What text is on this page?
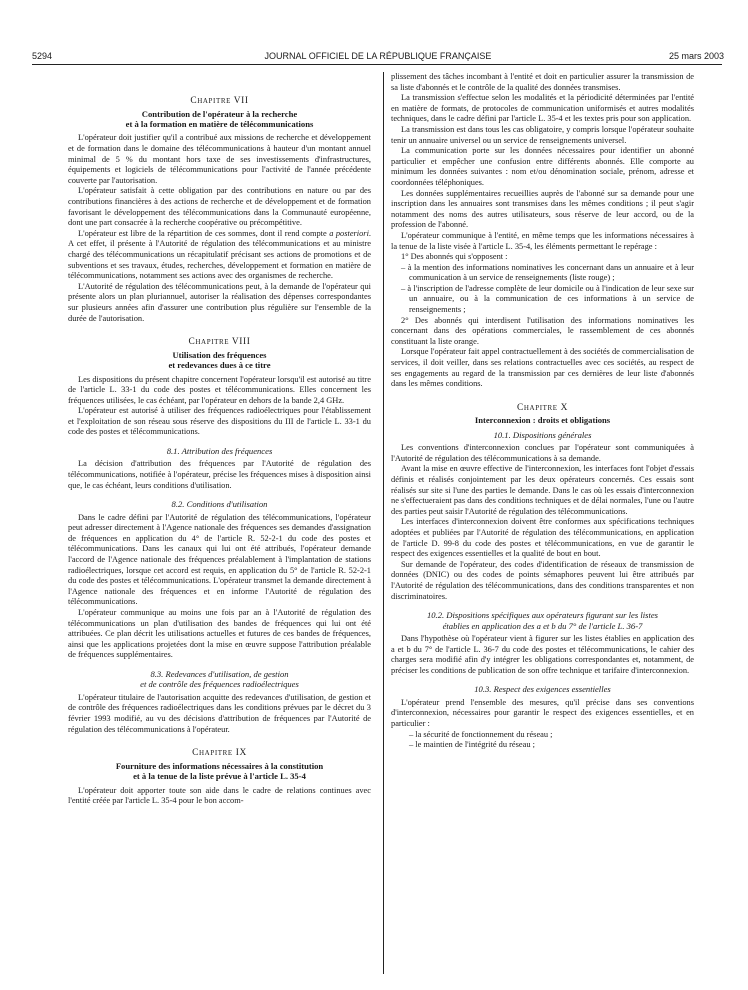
5294	JOURNAL OFFICIEL DE LA RÉPUBLIQUE FRANÇAISE	25 mars 2003
Chapitre VII
Contribution de l'opérateur à la recherche
et à la formation en matière de télécommunications

L'opérateur doit justifier qu'il a contribué aux missions de recherche et développement et de formation dans le domaine des télécommunications à hauteur d'un montant annuel minimal de 5 % du montant hors taxe de ses investissements d'infrastructures, équipements et logiciels de télécommunications pour l'activité de l'année précédente couverte par l'autorisation.

L'opérateur satisfait à cette obligation par des contributions en nature ou par des contributions financières à des actions de recherche et de développement et de formation favorisant le développement des télécommunications dans la Communauté européenne, dont une part consacrée à la recherche coopérative ou précompétitive.

L'opérateur est libre de la répartition de ces sommes, dont il rend compte a posteriori. A cet effet, il présente à l'Autorité de régulation des télécommunications et au ministre chargé des télécommunications un récapitulatif précisant ses actions de promotions et de subventions et ses travaux, études, recherches, développement et formation en matière de télécommunications, notamment ses actions avec des organismes de recherche.

L'Autorité de régulation des télécommunications peut, à la demande de l'opérateur qui présente alors un plan pluriannuel, autoriser la réalisation des dépenses correspondantes sur plusieurs années afin d'assurer une contribution plus régulière sur l'ensemble de la durée de l'autorisation.

Chapitre VIII
Utilisation des fréquences
et redevances dues à ce titre

Les dispositions du présent chapitre concernent l'opérateur lorsqu'il est autorisé au titre de l'article L. 33-1 du code des postes et télécommunications. Elles concernent les fréquences utilisées, le cas échéant, par l'opérateur en dehors de la bande 2,4 GHz.

L'opérateur est autorisé à utiliser des fréquences radioélectriques pour l'établissement et l'exploitation de son réseau sous réserve des dispositions du III de l'article L. 33-1 du code des postes et télécommunications.

8.1. Attribution des fréquences

La décision d'attribution des fréquences par l'Autorité de régulation des télécommunications, notifiée à l'opérateur, précise les fréquences mises à disposition ainsi que, le cas échéant, leurs conditions d'utilisation.

8.2. Conditions d'utilisation

Dans le cadre défini par l'Autorité de régulation des télécommunications, l'opérateur peut adresser directement à l'Agence nationale des fréquences ses demandes d'assignation de fréquences en application du 4° de l'article R. 52-2-1 du code des postes et télécommunications. Dans les canaux qui lui ont été attribués, l'opérateur demande l'accord de l'Agence nationale des fréquences préalablement à l'implantation de stations radioélectriques, lorsque cet accord est requis, en application du 5° de l'article R. 52-2-1 du code des postes et télécommunications. L'opérateur transmet la demande directement à l'Agence nationale des fréquences et en informe l'Autorité de régulation des télécommunications.

L'opérateur communique au moins une fois par an à l'Autorité de régulation des télécommunications un plan d'utilisation des bandes de fréquences qui lui ont été attribuées. Ce plan décrit les utilisations actuelles et futures de ces bandes de fréquences, ainsi que les applications projetées dont la mise en œuvre suppose l'attribution préalable de fréquences supplémentaires.

8.3. Redevances d'utilisation, de gestion
et de contrôle des fréquences radioélectriques

L'opérateur titulaire de l'autorisation acquitte des redevances d'utilisation, de gestion et de contrôle des fréquences radioélectriques dans les conditions prévues par le décret du 3 février 1993 modifié, au vu des décisions d'attribution de fréquences par l'Autorité de régulation des télécommunications à l'opérateur.

Chapitre IX
Fourniture des informations nécessaires à la constitution
et à la tenue de la liste prévue à l'article L. 35-4

L'opérateur doit apporter toute son aide dans le cadre de relations continues avec l'entité créée par l'article L. 35-4 pour le bon accom-

plissement des tâches incombant à l'entité et doit en particulier assurer la transmission de sa liste d'abonnés et le contrôle de la qualité des données transmises.

La transmission s'effectue selon les modalités et la périodicité déterminées par l'entité en matière de formats, de protocoles de communication uniformisés et autres modalités techniques, dans le cadre défini par l'article L. 35-4 et les textes pris pour son application.

La transmission est dans tous les cas obligatoire, y compris lorsque l'opérateur souhaite tenir un annuaire universel ou un service de renseignements universel.

La communication porte sur les données nécessaires pour identifier un abonné particulier et empêcher une confusion entre différents abonnés. Elle comporte au minimum les données suivantes : nom et/ou dénomination sociale, prénom, adresse et coordonnées téléphoniques.

Les données supplémentaires recueillies auprès de l'abonné sur sa demande pour une inscription dans les annuaires sont transmises dans les mêmes conditions ; il peut s'agir notamment des noms des autres utilisateurs, sous réserve de leur accord, ou de la profession de l'abonné.

L'opérateur communique à l'entité, en même temps que les informations nécessaires à la tenue de la liste visée à l'article L. 35-4, les éléments permettant le repérage :

1° Des abonnés qui s'opposent :

– à la mention des informations nominatives les concernant dans un annuaire et à leur communication à un service de renseignements (liste rouge) ;

– à l'inscription de l'adresse complète de leur domicile ou à l'indication de leur sexe sur un annuaire, ou à la communication de ces informations à un service de renseignements ;

2° Des abonnés qui interdisent l'utilisation des informations nominatives les concernant dans des opérations commerciales, le rassemblement de ces abonnés constituant la liste orange.

Lorsque l'opérateur fait appel contractuellement à des sociétés de commercialisation de services, il doit veiller, dans ses relations contractuelles avec ces sociétés, au respect de ses engagements au regard de la transmission par ces dernières de leur liste d'abonnés dans les mêmes conditions.

Chapitre X
Interconnexion : droits et obligations
10.1. Dispositions générales

Les conventions d'interconnexion conclues par l'opérateur sont communiquées à l'Autorité de régulation des télécommunications à sa demande.

Avant la mise en œuvre effective de l'interconnexion, les interfaces font l'objet d'essais définis et réalisés conjointement par les deux opérateurs concernés. Ces essais sont réalisés sur site si l'une des parties le demande. Dans le cas où les essais d'interconnexion ne s'effectueraient pas dans des conditions techniques et de délai normales, l'une ou l'autre des parties peut saisir l'Autorité de régulation des télécommunications.

Les interfaces d'interconnexion doivent être conformes aux spécifications techniques adoptées et publiées par l'Autorité de régulation des télécommunications, en application de l'article D. 99-8 du code des postes et télécommunications, en vue de garantir le respect des exigences essentielles et la qualité de bout en bout.

Sur demande de l'opérateur, des codes d'identification de réseaux de transmission de données (DNIC) ou des codes de points sémaphores peuvent lui être attribués par l'Autorité de régulation des télécommunications, dans des conditions transparentes et non discriminatoires.

10.2. Dispositions spécifiques aux opérateurs figurant sur les listes
établies en application des a et b du 7° de l'article L. 36-7

Dans l'hypothèse où l'opérateur vient à figurer sur les listes établies en application des a et b du 7° de l'article L. 36-7 du code des postes et télécommunications, le cahier des charges sera modifié afin d'y intégrer les obligations correspondantes et, notamment, de préciser les conditions de publication de son offre technique et tarifaire d'interconnexion.

10.3. Respect des exigences essentielles

L'opérateur prend l'ensemble des mesures, qu'il précise dans ses conventions d'interconnexion, nécessaires pour garantir le respect des exigences essentielles, et en particulier :

– la sécurité de fonctionnement du réseau ;

– le maintien de l'intégrité du réseau ;
